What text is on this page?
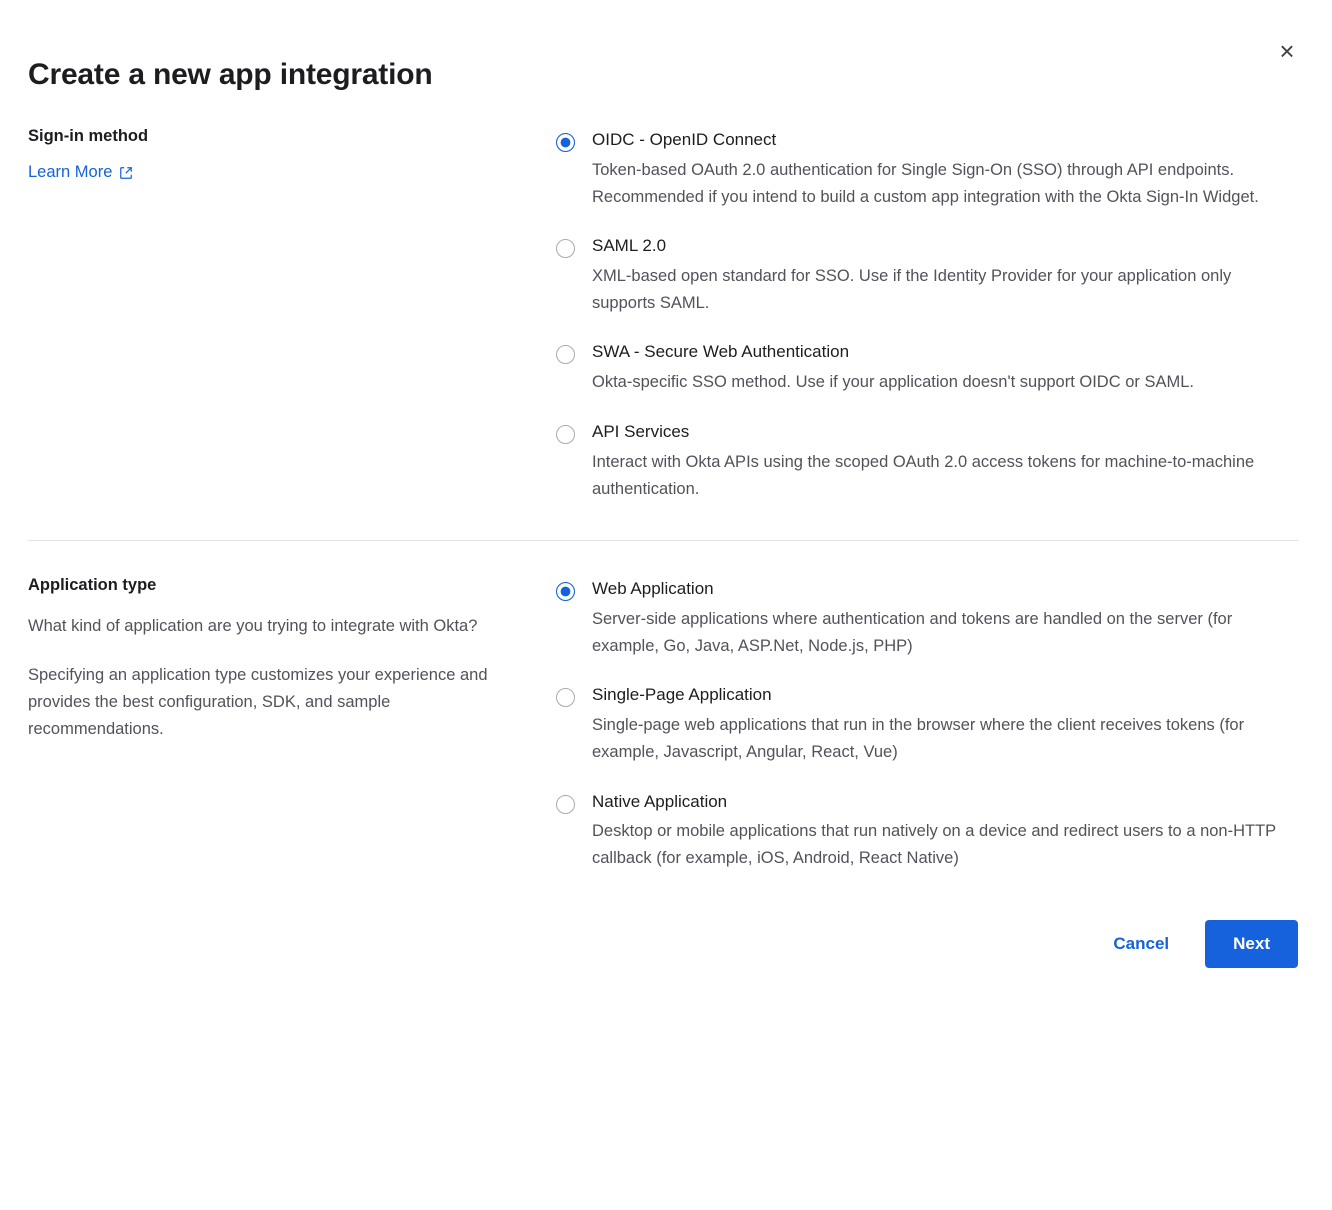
×
Create a new app integration
Sign-in method
Learn More
OIDC - OpenID Connect
Token-based OAuth 2.0 authentication for Single Sign-On (SSO) through API endpoints. Recommended if you intend to build a custom app integration with the Okta Sign-In Widget.
SAML 2.0
XML-based open standard for SSO. Use if the Identity Provider for your application only supports SAML.
SWA - Secure Web Authentication
Okta-specific SSO method. Use if your application doesn't support OIDC or SAML.
API Services
Interact with Okta APIs using the scoped OAuth 2.0 access tokens for machine-to-machine authentication.
Application type

What kind of application are you trying to integrate with Okta?

Specifying an application type customizes your experience and provides the best configuration, SDK, and sample recommendations.

Web Application
Server-side applications where authentication and tokens are handled on the server (for example, Go, Java, ASP.Net, Node.js, PHP)
Single-Page Application
Single-page web applications that run in the browser where the client receives tokens (for example, Javascript, Angular, React, Vue)
Native Application
Desktop or mobile applications that run natively on a device and redirect users to a non-HTTP callback (for example, iOS, Android, React Native)
Cancel	Next
